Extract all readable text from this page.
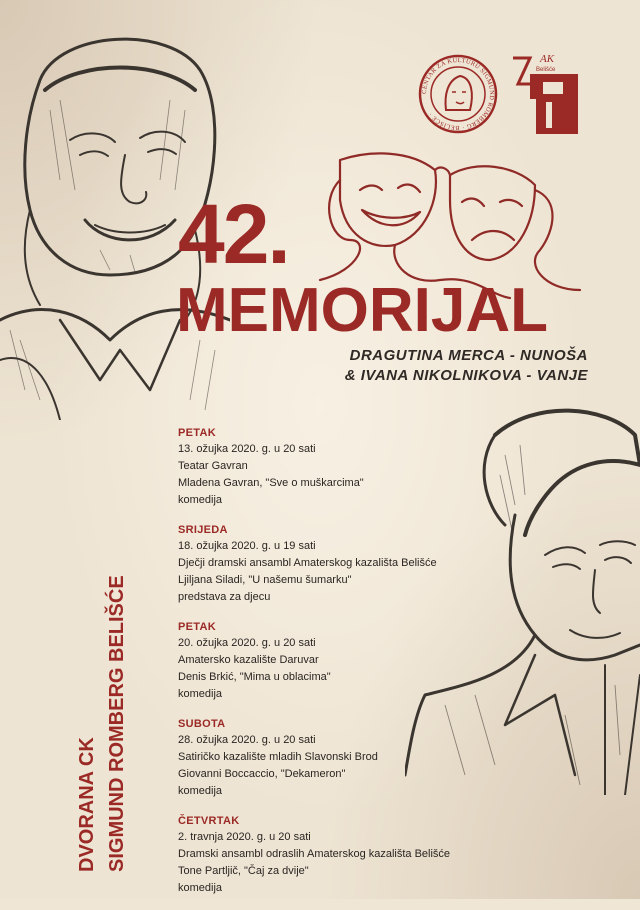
CENTAR ZA KULTURU SIGMUND ROMBERG · BELIŠĆE ·
AK
Belišće
42.
MEMORIJAL
DRAGUTINA MERCA - NUNOŠA
& IVANA NIKOLNIKOVA - VANJE
DVORANA CK SIGMUND ROMBERG BELIŠĆE
PETAK
13. ožujka 2020. g. u 20 sati
Teatar Gavran
Mladena Gavran, "Sve o muškarcima"
komedija
SRIJEDA
18. ožujka 2020. g. u 19 sati
Dječji dramski ansambl Amaterskog kazališta Belišće
Ljiljana Siladi, "U našemu šumarku"
predstava za djecu
PETAK
20. ožujka 2020. g. u 20 sati
Amatersko kazalište Daruvar
Denis Brkić, "Mima u oblacima"
komedija
SUBOTA
28. ožujka 2020. g. u 20 sati
Satiričko kazalište mladih Slavonski Brod
Giovanni Boccaccio, "Dekameron"
komedija
ČETVRTAK
2. travnja 2020. g. u 20 sati
Dramski ansambl odraslih Amaterskog kazališta Belišće
Tone Partljič, "Čaj za dvije"
komedija
